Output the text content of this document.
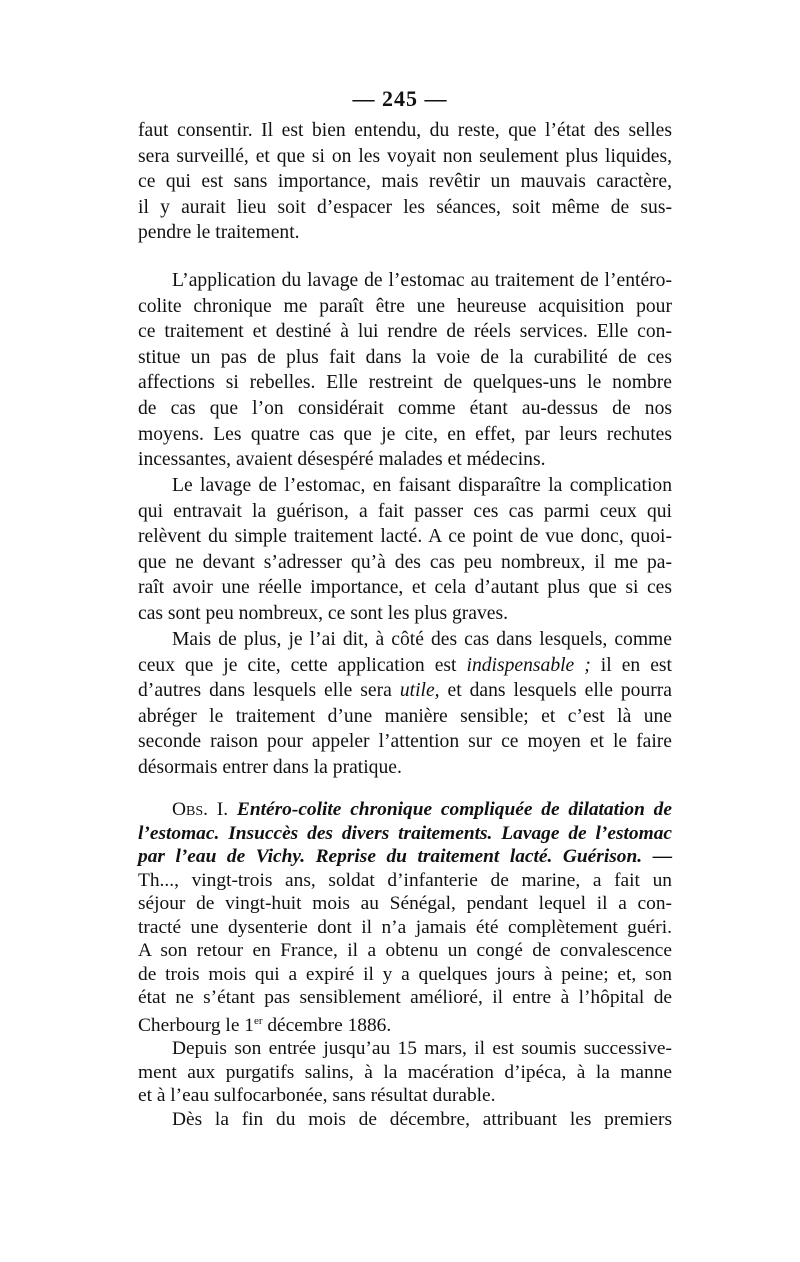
— 245 —
faut consentir. Il est bien entendu, du reste, que l’état des selles
sera surveillé, et que si on les voyait non seulement plus liquides,
ce qui est sans importance, mais revêtir un mauvais caractère,
il y aurait lieu soit d’espacer les séances, soit même de sus-
pendre le traitement.
L’application du lavage de l’estomac au traitement de l’entéro-
colite chronique me paraît être une heureuse acquisition pour
ce traitement et destiné à lui rendre de réels services. Elle con-
stitue un pas de plus fait dans la voie de la curabilité de ces
affections si rebelles. Elle restreint de quelques-uns le nombre
de cas que l’on considérait comme étant au-dessus de nos
moyens. Les quatre cas que je cite, en effet, par leurs rechutes
incessantes, avaient désespéré malades et médecins.
Le lavage de l’estomac, en faisant disparaître la complication
qui entravait la guérison, a fait passer ces cas parmi ceux qui
relèvent du simple traitement lacté. A ce point de vue donc, quoi-
que ne devant s’adresser qu’à des cas peu nombreux, il me pa-
raît avoir une réelle importance, et cela d’autant plus que si ces
cas sont peu nombreux, ce sont les plus graves.
Mais de plus, je l’ai dit, à côté des cas dans lesquels, comme
ceux que je cite, cette application est indispensable ; il en est
d’autres dans lesquels elle sera utile, et dans lesquels elle pourra
abréger le traitement d’une manière sensible; et c’est là une
seconde raison pour appeler l’attention sur ce moyen et le faire
désormais entrer dans la pratique.
Obs. I. Entéro-colite chronique compliquée de dilatation de
l’estomac. Insuccès des divers traitements. Lavage de l’estomac
par l’eau de Vichy. Reprise du traitement lacté. Guérison. —
Th..., vingt-trois ans, soldat d’infanterie de marine, a fait un
séjour de vingt-huit mois au Sénégal, pendant lequel il a con-
tracté une dysenterie dont il n’a jamais été complètement guéri.
A son retour en France, il a obtenu un congé de convalescence
de trois mois qui a expiré il y a quelques jours à peine; et, son
état ne s’étant pas sensiblement amélioré, il entre à l’hôpital de
Cherbourg le 1er décembre 1886.
Depuis son entrée jusqu’au 15 mars, il est soumis successive-
ment aux purgatifs salins, à la macération d’ipéca, à la manne
et à l’eau sulfocarbonée, sans résultat durable.
Dès la fin du mois de décembre, attribuant les premiers
